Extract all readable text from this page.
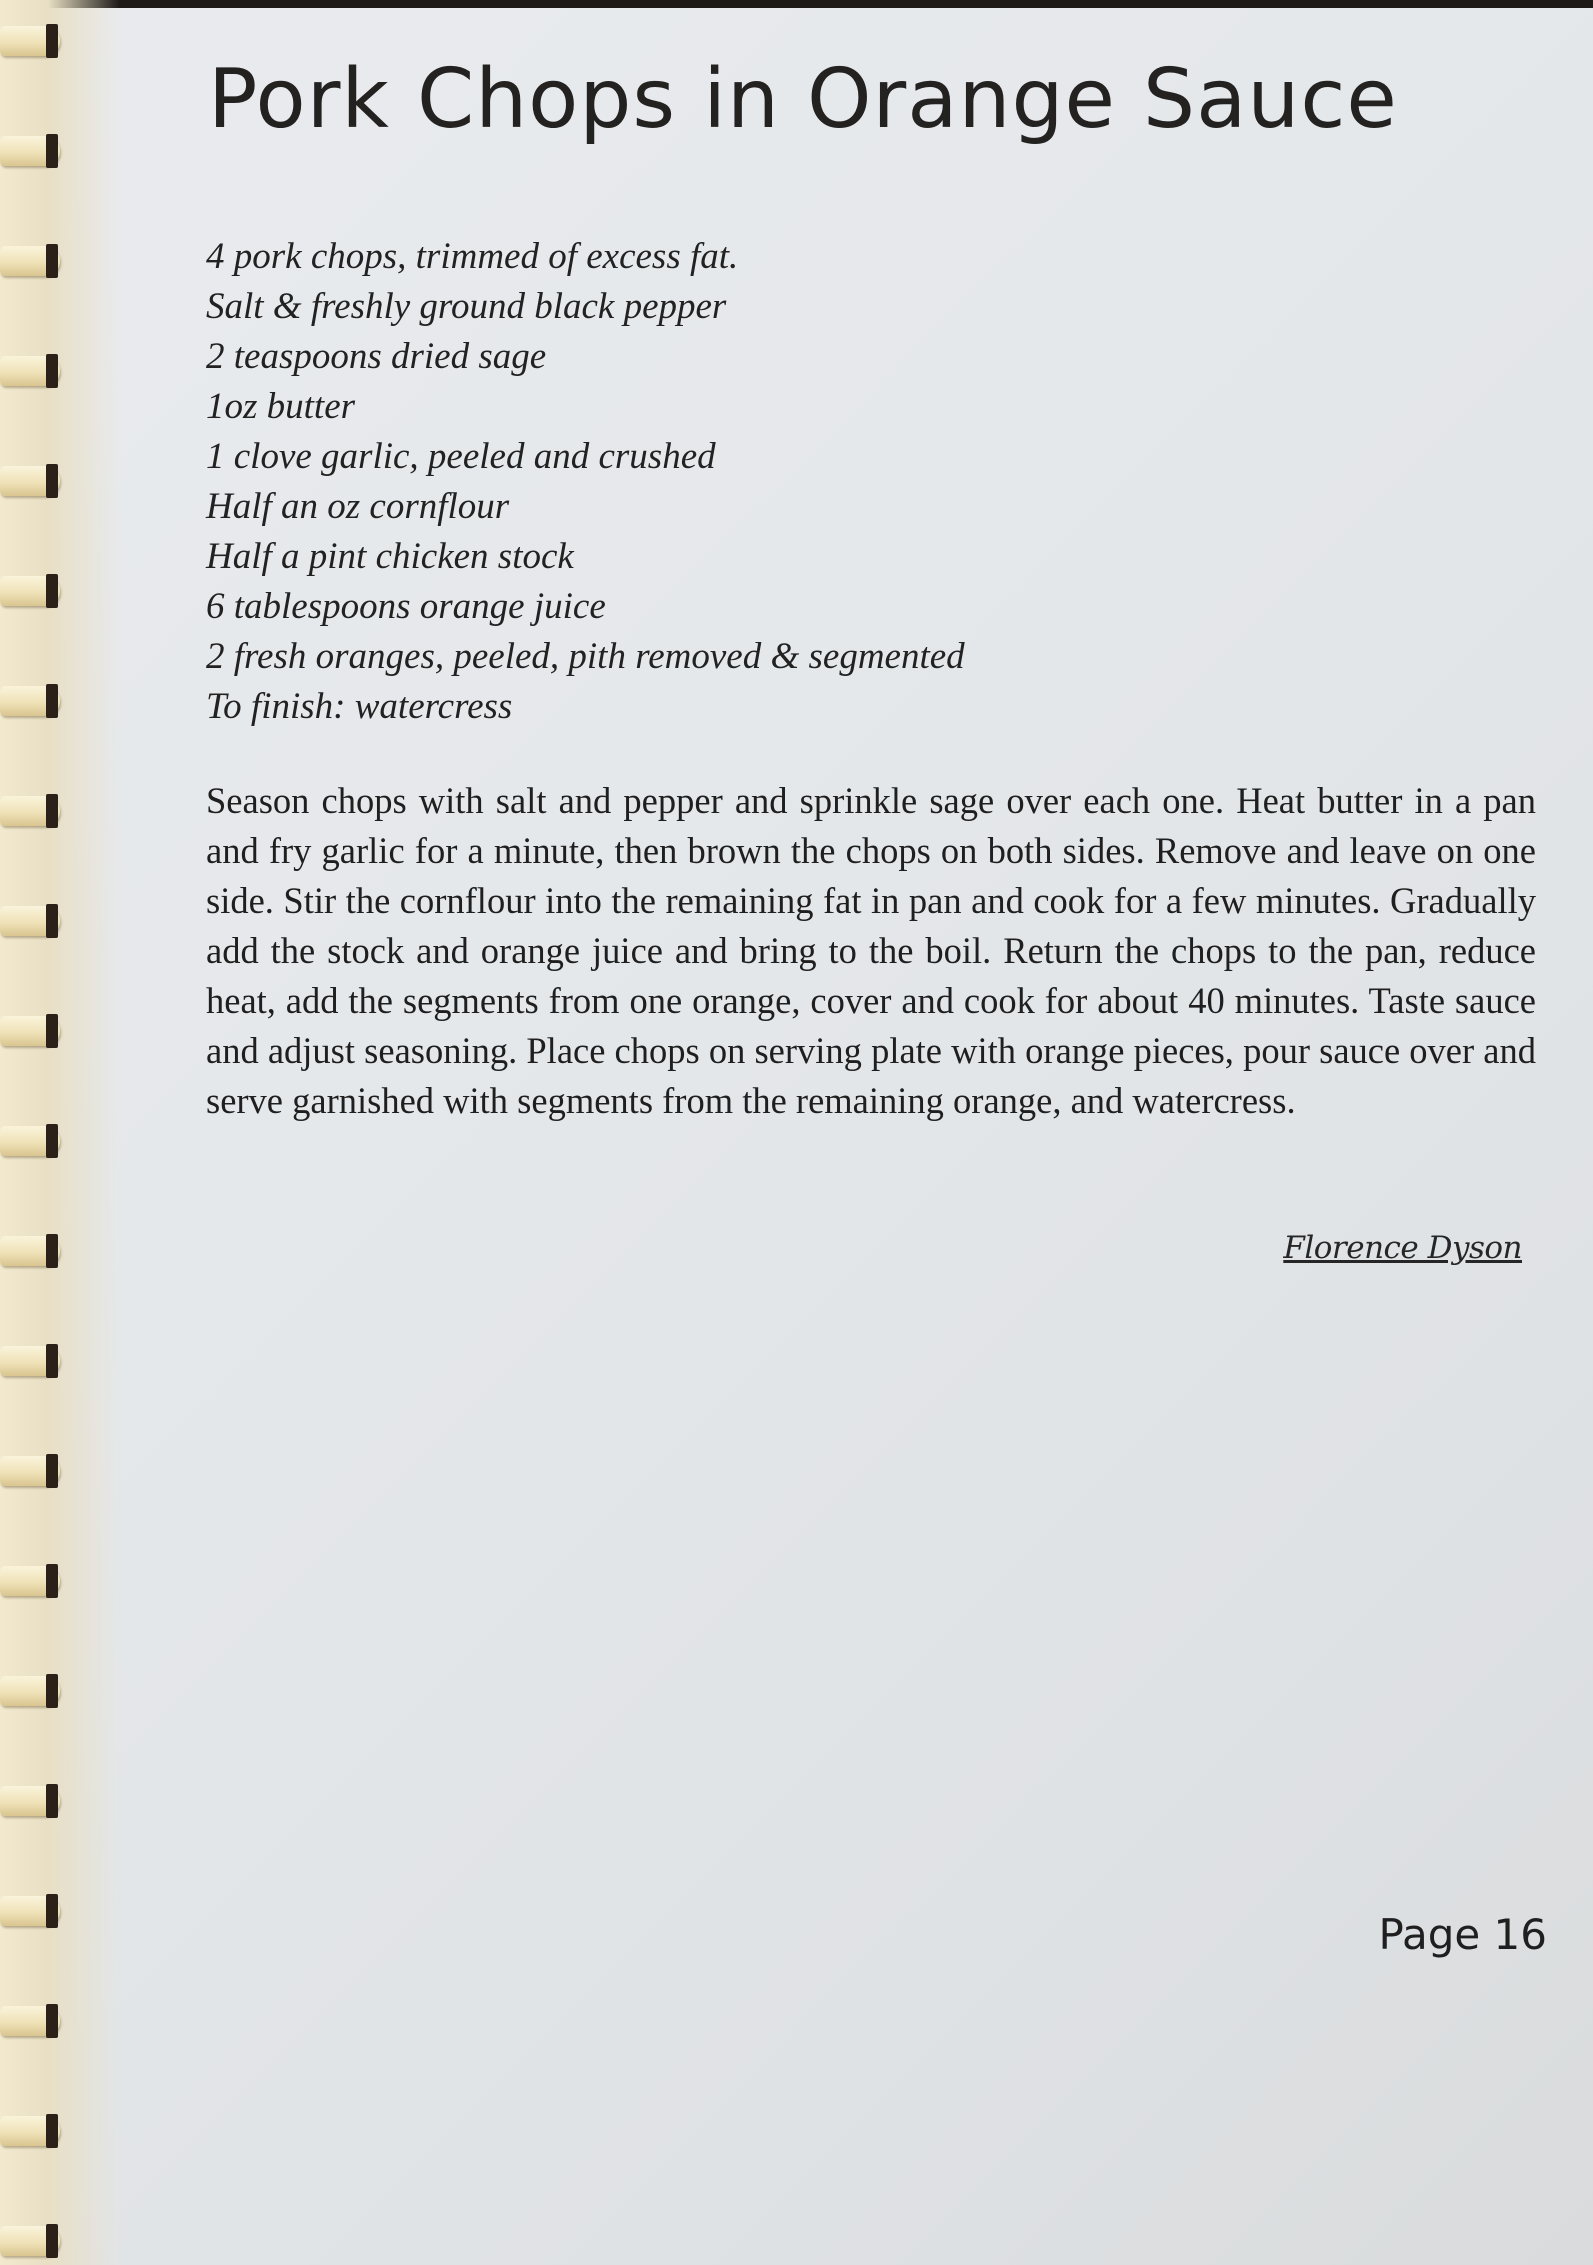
Pork Chops in Orange Sauce
4 pork chops, trimmed of excess fat.
Salt & freshly ground black pepper
2 teaspoons dried sage
1oz butter
1 clove garlic, peeled and crushed
Half an oz cornflour
Half a pint chicken stock
6 tablespoons orange juice
2 fresh oranges, peeled, pith removed & segmented
To finish: watercress

Season chops with salt and pepper and sprinkle sage over each one. Heat butter in a pan and fry garlic for a minute, then brown the chops on both sides. Remove and leave on one side. Stir the cornflour into the remaining fat in pan and cook for a few minutes. Gradually add the stock and orange juice and bring to the boil. Return the chops to the pan, reduce heat, add the segments from one orange, cover and cook for about 40 minutes. Taste sauce and adjust seasoning. Place chops on serving plate with orange pieces, pour sauce over and serve garnished with segments from the remaining orange, and watercress.

Florence Dyson
Page 16
